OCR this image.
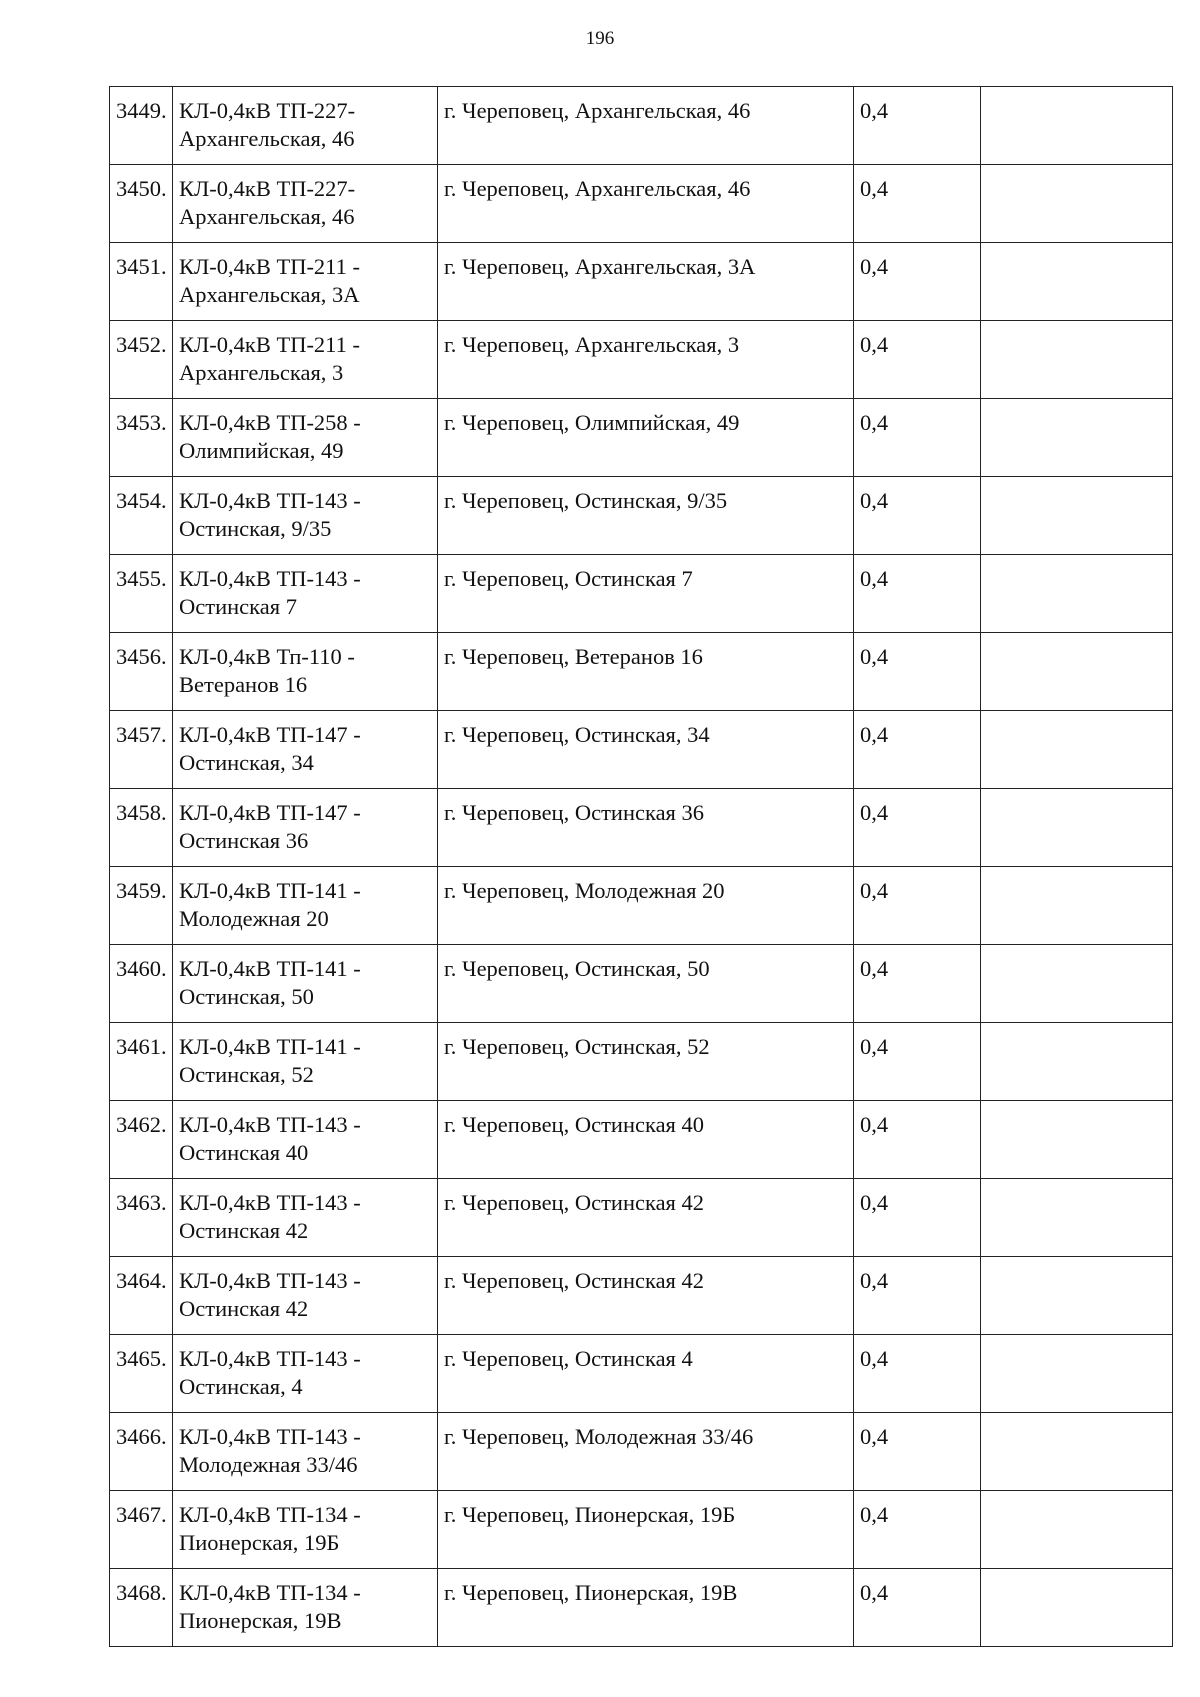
196
3449.	КЛ-0,4кВ ТП-227- Архангельская, 46	г. Череповец, Архангельская, 46	0,4	
3450.	КЛ-0,4кВ ТП-227- Архангельская, 46	г. Череповец, Архангельская, 46	0,4	
3451.	КЛ-0,4кВ ТП-211 - Архангельская, 3А	г. Череповец, Архангельская, 3А	0,4	
3452.	КЛ-0,4кВ ТП-211 - Архангельская, 3	г. Череповец, Архангельская, 3	0,4	
3453.	КЛ-0,4кВ ТП-258 - Олимпийская, 49	г. Череповец, Олимпийская, 49	0,4	
3454.	КЛ-0,4кВ ТП-143 - Остинская, 9/35	г. Череповец, Остинская, 9/35	0,4	
3455.	КЛ-0,4кВ ТП-143 - Остинская 7	г. Череповец, Остинская 7	0,4	
3456.	КЛ-0,4кВ Тп-110 - Ветеранов 16	г. Череповец, Ветеранов 16	0,4	
3457.	КЛ-0,4кВ ТП-147 - Остинская, 34	г. Череповец, Остинская, 34	0,4	
3458.	КЛ-0,4кВ ТП-147 - Остинская 36	г. Череповец, Остинская 36	0,4	
3459.	КЛ-0,4кВ ТП-141 - Молодежная 20	г. Череповец, Молодежная 20	0,4	
3460.	КЛ-0,4кВ ТП-141 - Остинская, 50	г. Череповец, Остинская, 50	0,4	
3461.	КЛ-0,4кВ ТП-141 - Остинская, 52	г. Череповец, Остинская, 52	0,4	
3462.	КЛ-0,4кВ ТП-143 - Остинская 40	г. Череповец, Остинская 40	0,4	
3463.	КЛ-0,4кВ ТП-143 - Остинская 42	г. Череповец, Остинская 42	0,4	
3464.	КЛ-0,4кВ ТП-143 - Остинская 42	г. Череповец, Остинская 42	0,4	
3465.	КЛ-0,4кВ ТП-143 - Остинская, 4	г. Череповец, Остинская 4	0,4	
3466.	КЛ-0,4кВ ТП-143 - Молодежная 33/46	г. Череповец, Молодежная 33/46	0,4	
3467.	КЛ-0,4кВ ТП-134 - Пионерская, 19Б	г. Череповец, Пионерская, 19Б	0,4	
3468.	КЛ-0,4кВ ТП-134 - Пионерская, 19В	г. Череповец, Пионерская, 19В	0,4	
